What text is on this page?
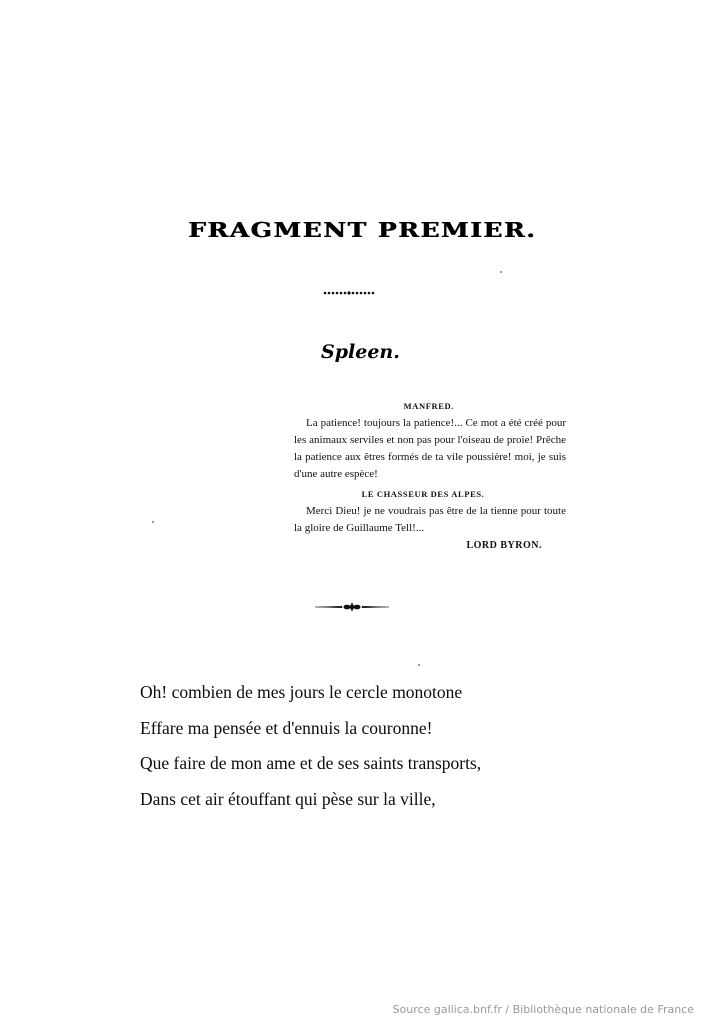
FRAGMENT PREMIER.
Spleen.
MANFRED.

La patience! toujours la patience!... Ce mot a été créé pour les animaux serviles et non pas pour l'oiseau de proie! Prêche la patience aux êtres formés de ta vile poussière! moi, je suis d'une autre espèce!

LE CHASSEUR DES ALPES.

Merci Dieu! je ne voudrais pas être de la tienne pour toute la gloire de Guillaume Tell!...

LORD BYRON.
Oh! combien de mes jours le cercle monotone
Effare ma pensée et d'ennuis la couronne!
Que faire de mon ame et de ses saints transports,
Dans cet air étouffant qui pèse sur la ville,
Source gallica.bnf.fr / Bibliothèque nationale de France
